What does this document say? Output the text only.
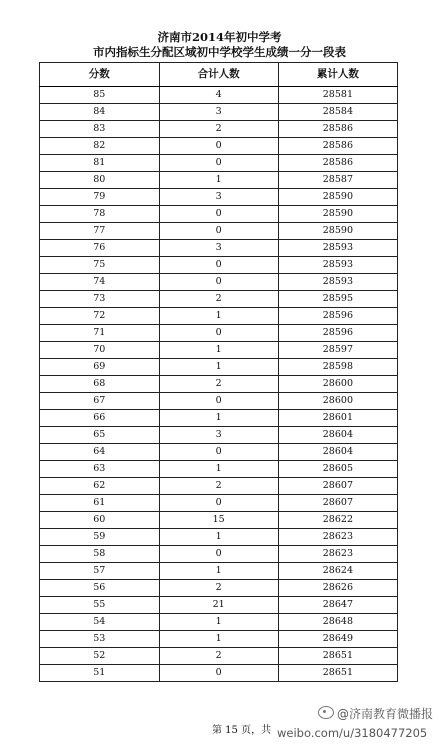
济南市2014年初中学考
市内指标生分配区域初中学校学生成绩一分一段表
分数	合计人数	累计人数
85	4	28581
84	3	28584
83	2	28586
82	0	28586
81	0	28586
80	1	28587
79	3	28590
78	0	28590
77	0	28590
76	3	28593
75	0	28593
74	0	28593
73	2	28595
72	1	28596
71	0	28596
70	1	28597
69	1	28598
68	2	28600
67	0	28600
66	1	28601
65	3	28604
64	0	28604
63	1	28605
62	2	28607
61	0	28607
60	15	28622
59	1	28623
58	0	28623
57	1	28624
56	2	28626
55	21	28647
54	1	28648
53	1	28649
52	2	28651
51	0	28651
第 15 页，共
@济南教育微播报
weibo.com/u/3180477205
